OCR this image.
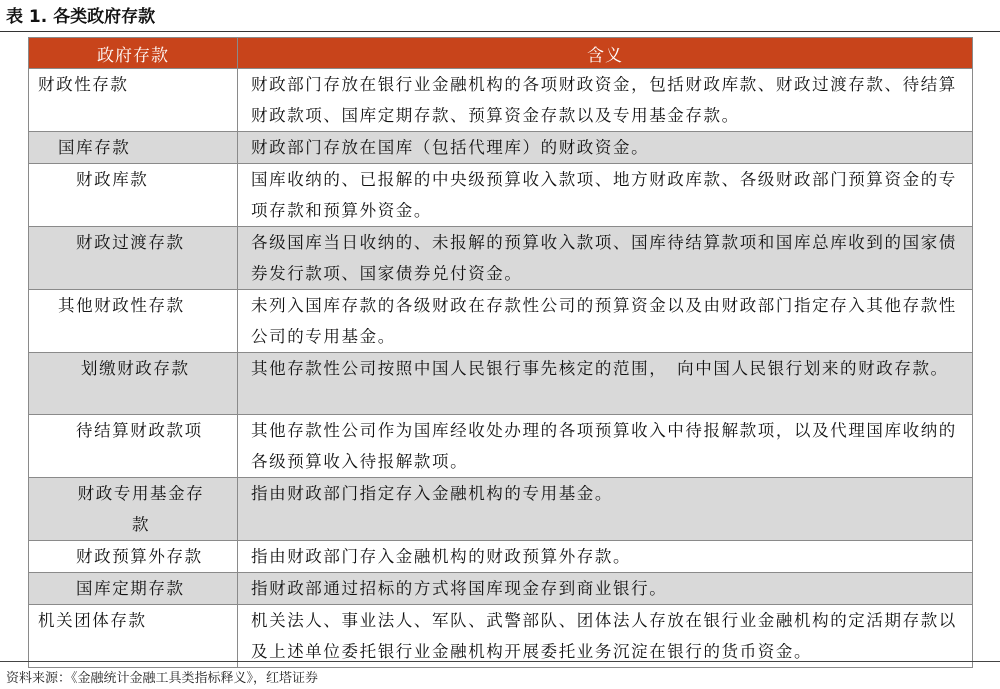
表 1. 各类政府存款
政府存款	含义
财政性存款	财政部门存放在银行业金融机构的各项财政资金，包括财政库款、财政过渡存款、待结算财政款项、国库定期存款、预算资金存款以及专用基金存款。
国库存款	财政部门存放在国库（包括代理库）的财政资金。
财政库款	国库收纳的、已报解的中央级预算收入款项、地方财政库款、各级财政部门预算资金的专项存款和预算外资金。
财政过渡存款	各级国库当日收纳的、未报解的预算收入款项、国库待结算款项和国库总库收到的国家债券发行款项、国家债券兑付资金。
其他财政性存款	未列入国库存款的各级财政在存款性公司的预算资金以及由财政部门指定存入其他存款性公司的专用基金。
划缴财政存款	其他存款性公司按照中国人民银行事先核定的范围，　向中国人民银行划来的财政存款。
待结算财政款项	其他存款性公司作为国库经收处办理的各项预算收入中待报解款项，以及代理国库收纳的各级预算收入待报解款项。
财政专用基金存款	指由财政部门指定存入金融机构的专用基金。
财政预算外存款	指由财政部门存入金融机构的财政预算外存款。
国库定期存款	指财政部通过招标的方式将国库现金存到商业银行。
机关团体存款	机关法人、事业法人、军队、武警部队、团体法人存放在银行业金融机构的定活期存款以及上述单位委托银行业金融机构开展委托业务沉淀在银行的货币资金。
资料来源：《金融统计金融工具类指标释义》，红塔证券
